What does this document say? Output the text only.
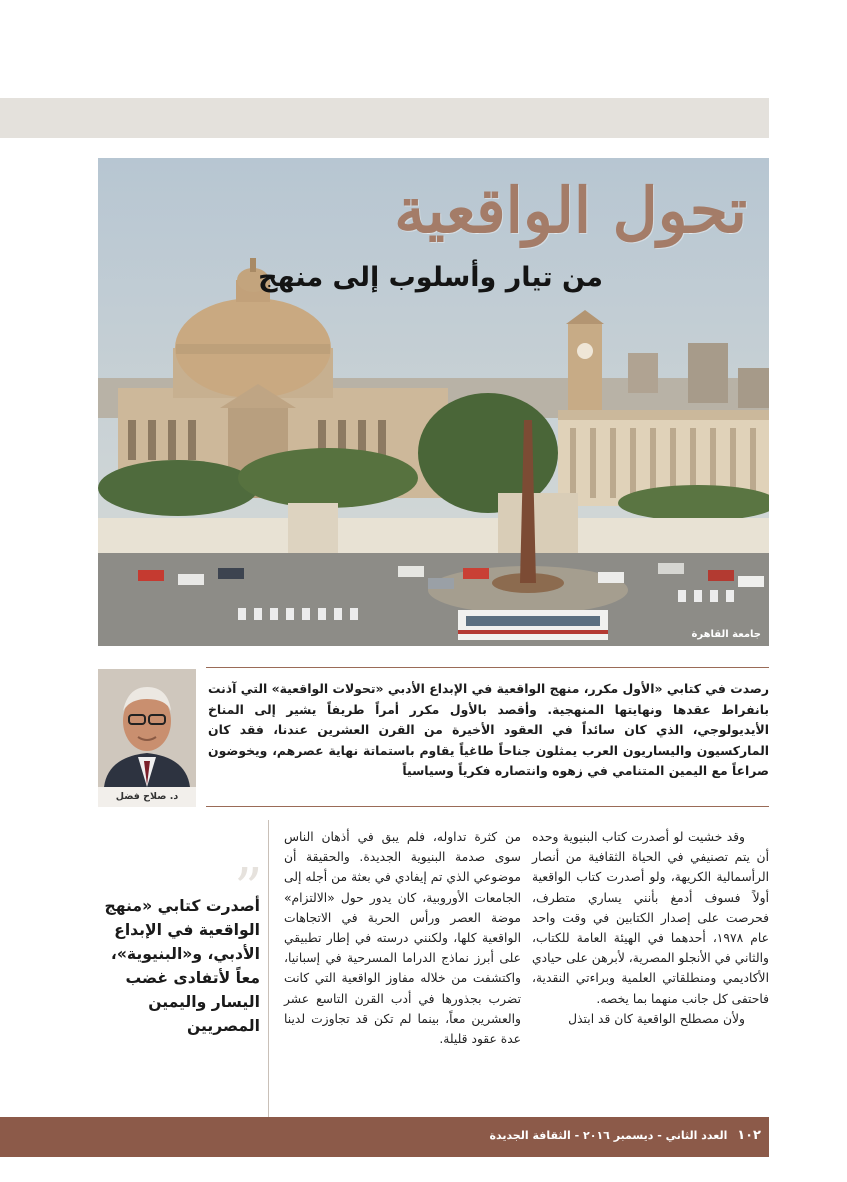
تحول الواقعية
من تيار وأسلوب إلى منهج
جامعة القاهرة
د. صلاح فضل
رصدت في كتابي «الأول مكرر، منهج الواقعية في الإبداع الأدبي «تحولات الواقعية» التي آذنت بانفراط عقدها ونهايتها المنهجية. وأقصد بالأول مكرر أمراً طريفاً يشير إلى المناخ الأيديولوجي، الذي كان سائداً في العقود الأخيرة من القرن العشرين عندنا، فقد كان الماركسيون واليساريون العرب يمثلون جناحاً طاغياً يقاوم باستماتة نهاية عصرهم، ويخوضون صراعاً مع اليمين المتنامي في زهوه وانتصاره فكرياً وسياسياً

وقد خشيت لو أصدرت كتاب البنيوية وحده أن يتم تصنيفي في الحياة الثقافية من أنصار الرأسمالية الكريهة، ولو أصدرت كتاب الواقعية أولاً فسوف أدمغ بأنني يساري متطرف، فحرصت على إصدار الكتابين في وقت واحد عام ١٩٧٨، أحدهما في الهيئة العامة للكتاب، والثاني في الأنجلو المصرية، لأبرهن على حيادي الأكاديمي ومنطلقاتي العلمية وبراءتي النقدية، فاحتفى كل جانب منهما بما يخصه.

ولأن مصطلح الواقعية كان قد ابتذل

من كثرة تداوله، فلم يبق في أذهان الناس سوى صدمة البنيوية الجديدة. والحقيقة أن موضوعي الذي تم إيفادي في بعثة من أجله إلى الجامعات الأوروبية، كان يدور حول «الالتزام» موضة العصر ورأس الحربة في الاتجاهات الواقعية كلها، ولكنني درسته في إطار تطبيقي على أبرز نماذج الدراما المسرحية في إسبانيا، واكتشفت من خلاله مفاوز الواقعية التي كانت تضرب بجذورها في أدب القرن التاسع عشر والعشرين معاً، بينما لم تكن قد تجاوزت لدينا عدة عقود قليلة.

”
أصدرت كتابي «منهج الواقعية في الإبداع الأدبي، و«البنيوية»، معاً لأتفادى غضب اليسار واليمين المصريين
١٠٢ العدد الثاني - ديسمبر ٢٠١٦ - الثقافة الجديدة
